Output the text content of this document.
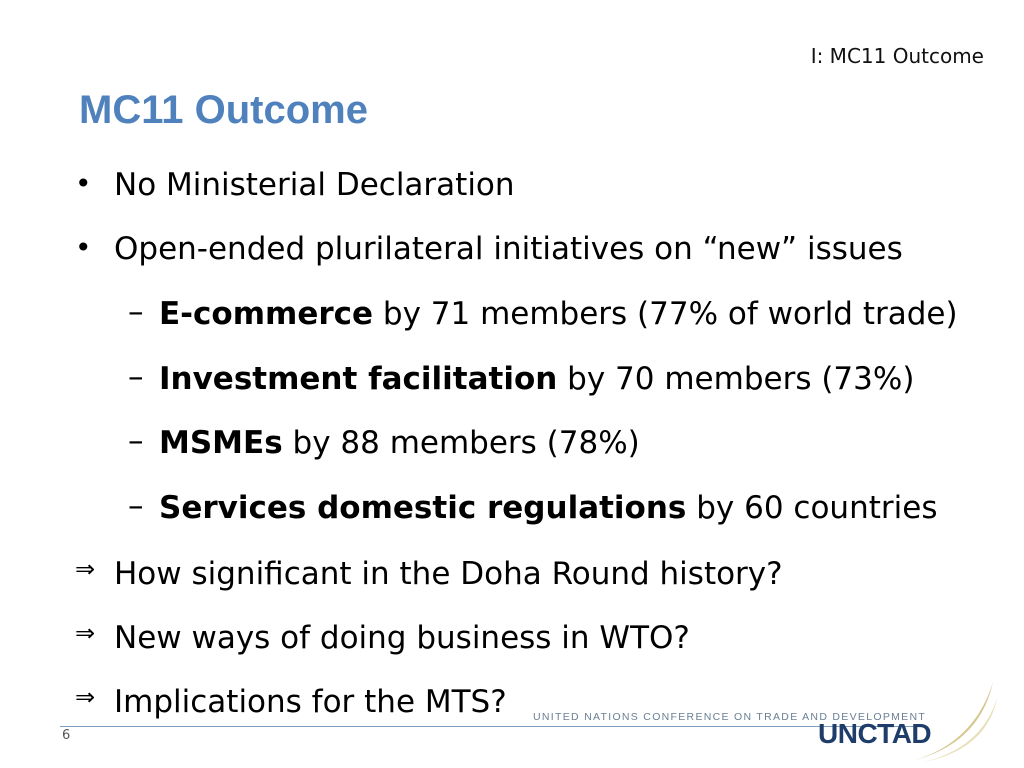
I: MC11 Outcome
MC11 Outcome
• No Ministerial Declaration
• Open-ended plurilateral initiatives on “new” issues
– E-commerce by 71 members (77% of world trade)
– Investment facilitation by 70 members (73%)
– MSMEs by 88 members (78%)
– Services domestic regulations by 60 countries
⇒ How significant in the Doha Round history?
⇒ New ways of doing business in WTO?
⇒ Implications for the MTS?
6
UNITED NATIONS CONFERENCE ON TRADE AND DEVELOPMENT
UNCTAD
